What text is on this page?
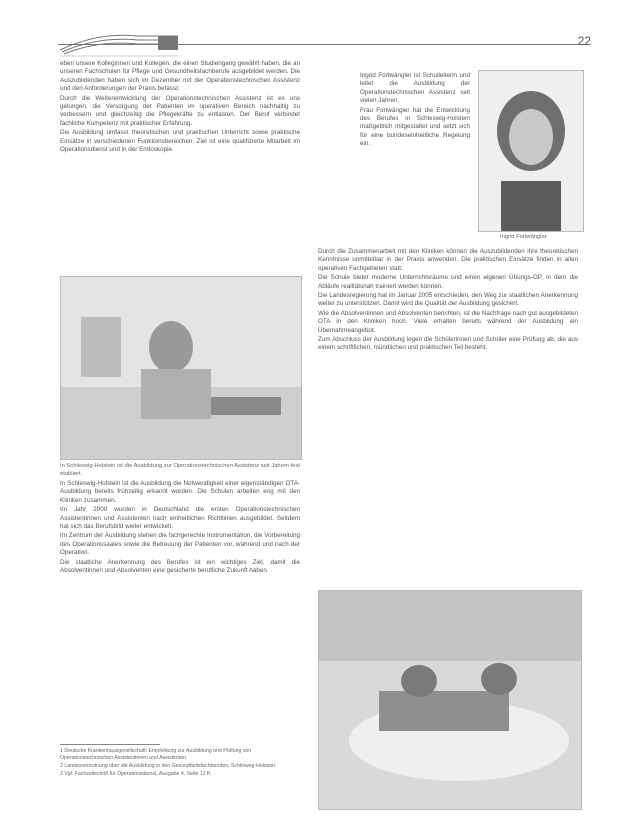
22

eben unsere Kolleginnen und Kollegen, die einen Studiengang gewählt haben, die an unseren Fachschulen für Pflege und Gesundheitsfachberufe ausgebildet werden. Die Auszubildenden haben sich im Dezember mit der Operationstechnischen Assistenz und den Anforderungen der Praxis befasst.

Durch die Weiterentwicklung der Operationstechnischen Assistenz ist es uns gelungen, die Versorgung der Patienten im operativen Bereich nachhaltig zu verbessern und gleichzeitig die Pflegekräfte zu entlasten. Der Beruf verbindet fachliche Kompetenz mit praktischer Erfahrung.

Die Ausbildung umfasst theoretischen und praktischen Unterricht sowie praktische Einsätze in verschiedenen Funktionsbereichen. Ziel ist eine qualifizierte Mitarbeit im Operationsdienst und in der Endoskopie.

In Schleswig-Holstein ist die Ausbildung zur Operationstechnischen Assistenz seit Jahren fest etabliert.

In Schleswig-Holstein ist die Ausbildung die Notwendigkeit einer eigenständigen OTA-Ausbildung bereits frühzeitig erkannt worden. Die Schulen arbeiten eng mit den Kliniken zusammen.

Im Jahr 2000 wurden in Deutschland die ersten Operationstechnischen Assistentinnen und Assistenten nach einheitlichen Richtlinien ausgebildet. Seitdem hat sich das Berufsbild weiter entwickelt.

Im Zentrum der Ausbildung stehen die fachgerechte Instrumentation, die Vorbereitung des Operationssaales sowie die Betreuung der Patienten vor, während und nach der Operation.

Die staatliche Anerkennung des Berufes ist ein wichtiges Ziel, damit die Absolventinnen und Absolventen eine gesicherte berufliche Zukunft haben.

1 Deutsche Krankenhausgesellschaft: Empfehlung zur Ausbildung und Prüfung von Operationstechnischen Assistentinnen und Assistenten.

2 Landesverordnung über die Ausbildung in den Gesundheitsfachberufen, Schleswig-Holstein.

3 Vgl. Fachzeitschrift für Operationsdienst, Ausgabe 4, Seite 12 ff.

Ingrid Fortwängler ist Schulleiterin und leitet die Ausbildung der Operationstechnischen Assistenz seit vielen Jahren.

Frau Fortwängler hat die Entwicklung des Berufes in Schleswig-Holstein maßgeblich mitgestaltet und setzt sich für eine bundeseinheitliche Regelung ein.

Ingrid Fortwängler

Durch die Zusammenarbeit mit den Kliniken können die Auszubildenden ihre theoretischen Kenntnisse unmittelbar in der Praxis anwenden. Die praktischen Einsätze finden in allen operativen Fachgebieten statt.

Die Schule bietet moderne Unterrichtsräume und einen eigenen Übungs-OP, in dem die Abläufe realitätsnah trainiert werden können.

Die Landesregierung hat im Januar 2005 entschieden, den Weg zur staatlichen Anerkennung weiter zu unterstützen. Damit wird die Qualität der Ausbildung gesichert.

Wie die Absolventinnen und Absolventen berichten, ist die Nachfrage nach gut ausgebildeten OTA in den Kliniken hoch. Viele erhalten bereits während der Ausbildung ein Übernahmeangebot.

Zum Abschluss der Ausbildung legen die Schülerinnen und Schüler eine Prüfung ab, die aus einem schriftlichen, mündlichen und praktischen Teil besteht.
